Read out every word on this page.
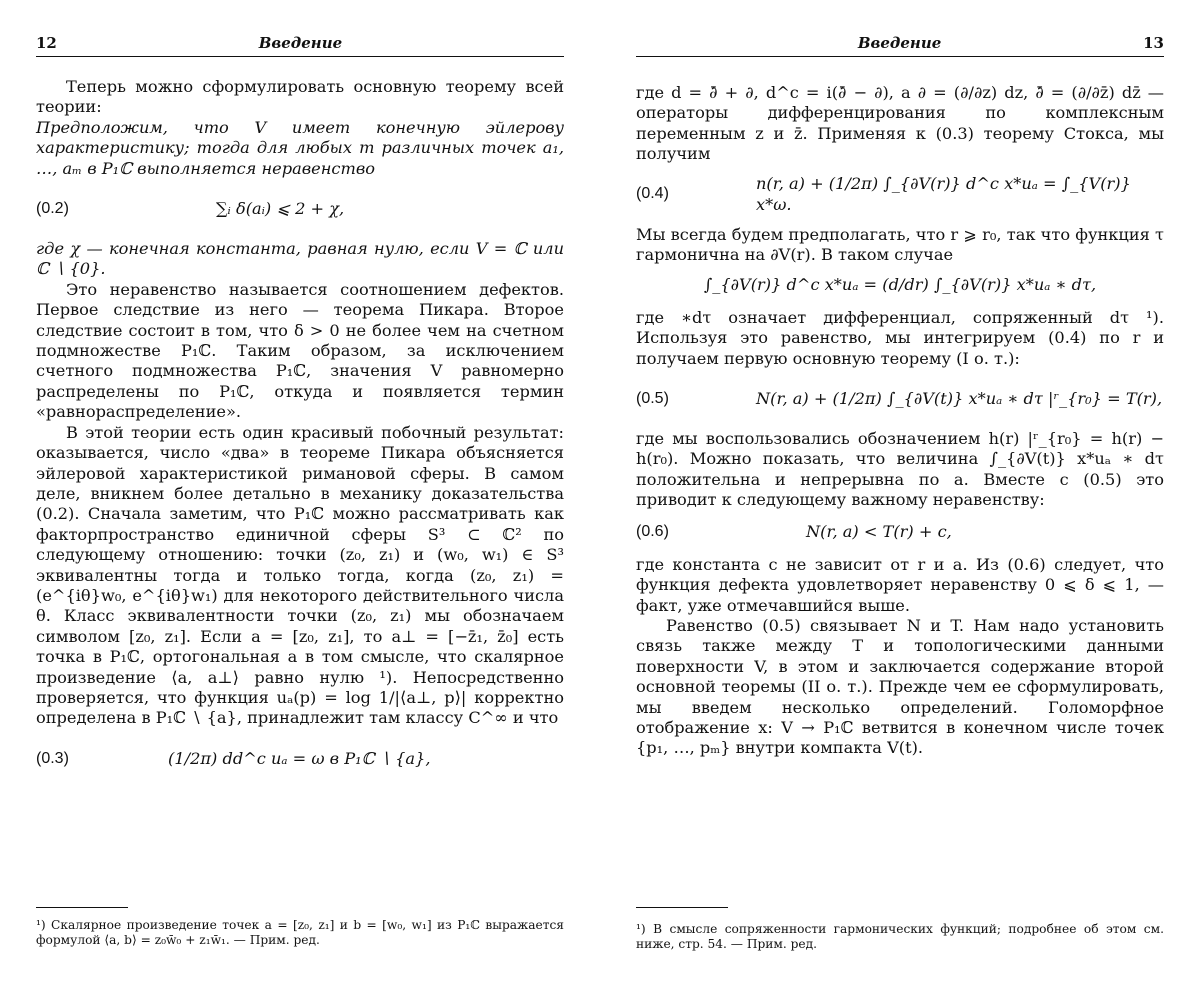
12	Введение

Теперь можно сформулировать основную теорему всей теории:

Предположим, что V имеет конечную эйлерову характеристику; тогда для любых m различных точек a₁, …, aₘ в P₁ℂ выполняется неравенство

(0.2)	∑ᵢ δ(aᵢ) ⩽ 2 + χ,

где χ — конечная константа, равная нулю, если V = ℂ или ℂ ∖ {0}.

Это неравенство называется соотношением дефектов. Первое следствие из него — теорема Пикара. Второе следствие состоит в том, что δ > 0 не более чем на счетном подмножестве P₁ℂ. Таким образом, за исключением счетного подмножества P₁ℂ, значения V равномерно распределены по P₁ℂ, откуда и появляется термин «равнораспределение».

В этой теории есть один красивый побочный результат: оказывается, число «два» в теореме Пикара объясняется эйлеровой характеристикой римановой сферы. В самом деле, вникнем более детально в механику доказательства (0.2). Сначала заметим, что P₁ℂ можно рассматривать как факторпространство единичной сферы S³ ⊂ ℂ² по следующему отношению: точки (z₀, z₁) и (w₀, w₁) ∈ S³ эквивалентны тогда и только тогда, когда (z₀, z₁) = (e^{iθ}w₀, e^{iθ}w₁) для некоторого действительного числа θ. Класс эквивалентности точки (z₀, z₁) мы обозначаем символом [z₀, z₁]. Если a = [z₀, z₁], то a⊥ = [−z̄₁, z̄₀] есть точка в P₁ℂ, ортогональная a в том смысле, что скалярное произведение ⟨a, a⊥⟩ равно нулю ¹). Непосредственно проверяется, что функция uₐ(p) = log 1/|⟨a⊥, p⟩| корректно определена в P₁ℂ ∖ {a}, принадлежит там классу C^∞ и что

(0.3)	(1/2π) dd^c uₐ = ω в P₁ℂ ∖ {a},
¹) Скалярное произведение точек a = [z₀, z₁] и b = [w₀, w₁] из P₁ℂ выражается формулой ⟨a, b⟩ = z₀w̄₀ + z₁w̄₁. — Прим. ред.
Введение	13

где d = ∂̄ + ∂, d^c = i(∂̄ − ∂), а ∂ = (∂/∂z) dz, ∂̄ = (∂/∂z̄) dz̄ — операторы дифференцирования по комплексным переменным z и z̄. Применяя к (0.3) теорему Стокса, мы получим

(0.4)
n(r, a) + (1/2π) ∫_{∂V(r)} d^c x*uₐ = ∫_{V(r)} x*ω.

Мы всегда будем предполагать, что r ⩾ r₀, так что функция τ гармонична на ∂V(r). В таком случае

∫_{∂V(r)} d^c x*uₐ = (d/dr) ∫_{∂V(r)} x*uₐ ∗ dτ,

где ∗dτ означает дифференциал, сопряженный dτ ¹). Используя это равенство, мы интегрируем (0.4) по r и получаем первую основную теорему (I о. т.):

(0.5)	N(r, a) + (1/2π) ∫_{∂V(t)} x*uₐ ∗ dτ |ʳ_{r₀} = T(r),

где мы воспользовались обозначением h(r) |ʳ_{r₀} = h(r) − h(r₀). Можно показать, что величина ∫_{∂V(t)} x*uₐ ∗ dτ положительна и непрерывна по a. Вместе с (0.5) это приводит к следующему важному неравенству:

(0.6)	N(r, a) < T(r) + c,

где константа c не зависит от r и a. Из (0.6) следует, что функция дефекта удовлетворяет неравенству 0 ⩽ δ ⩽ 1, — факт, уже отмечавшийся выше.

Равенство (0.5) связывает N и T. Нам надо установить связь также между T и топологическими данными поверхности V, в этом и заключается содержание второй основной теоремы (II о. т.). Прежде чем ее сформулировать, мы введем несколько определений. Голоморфное отображение x: V → P₁ℂ ветвится в конечном числе точек {p₁, …, pₘ} внутри компакта V(t).

¹) В смысле сопряженности гармонических функций; подробнее об этом см. ниже, стр. 54. — Прим. ред.
